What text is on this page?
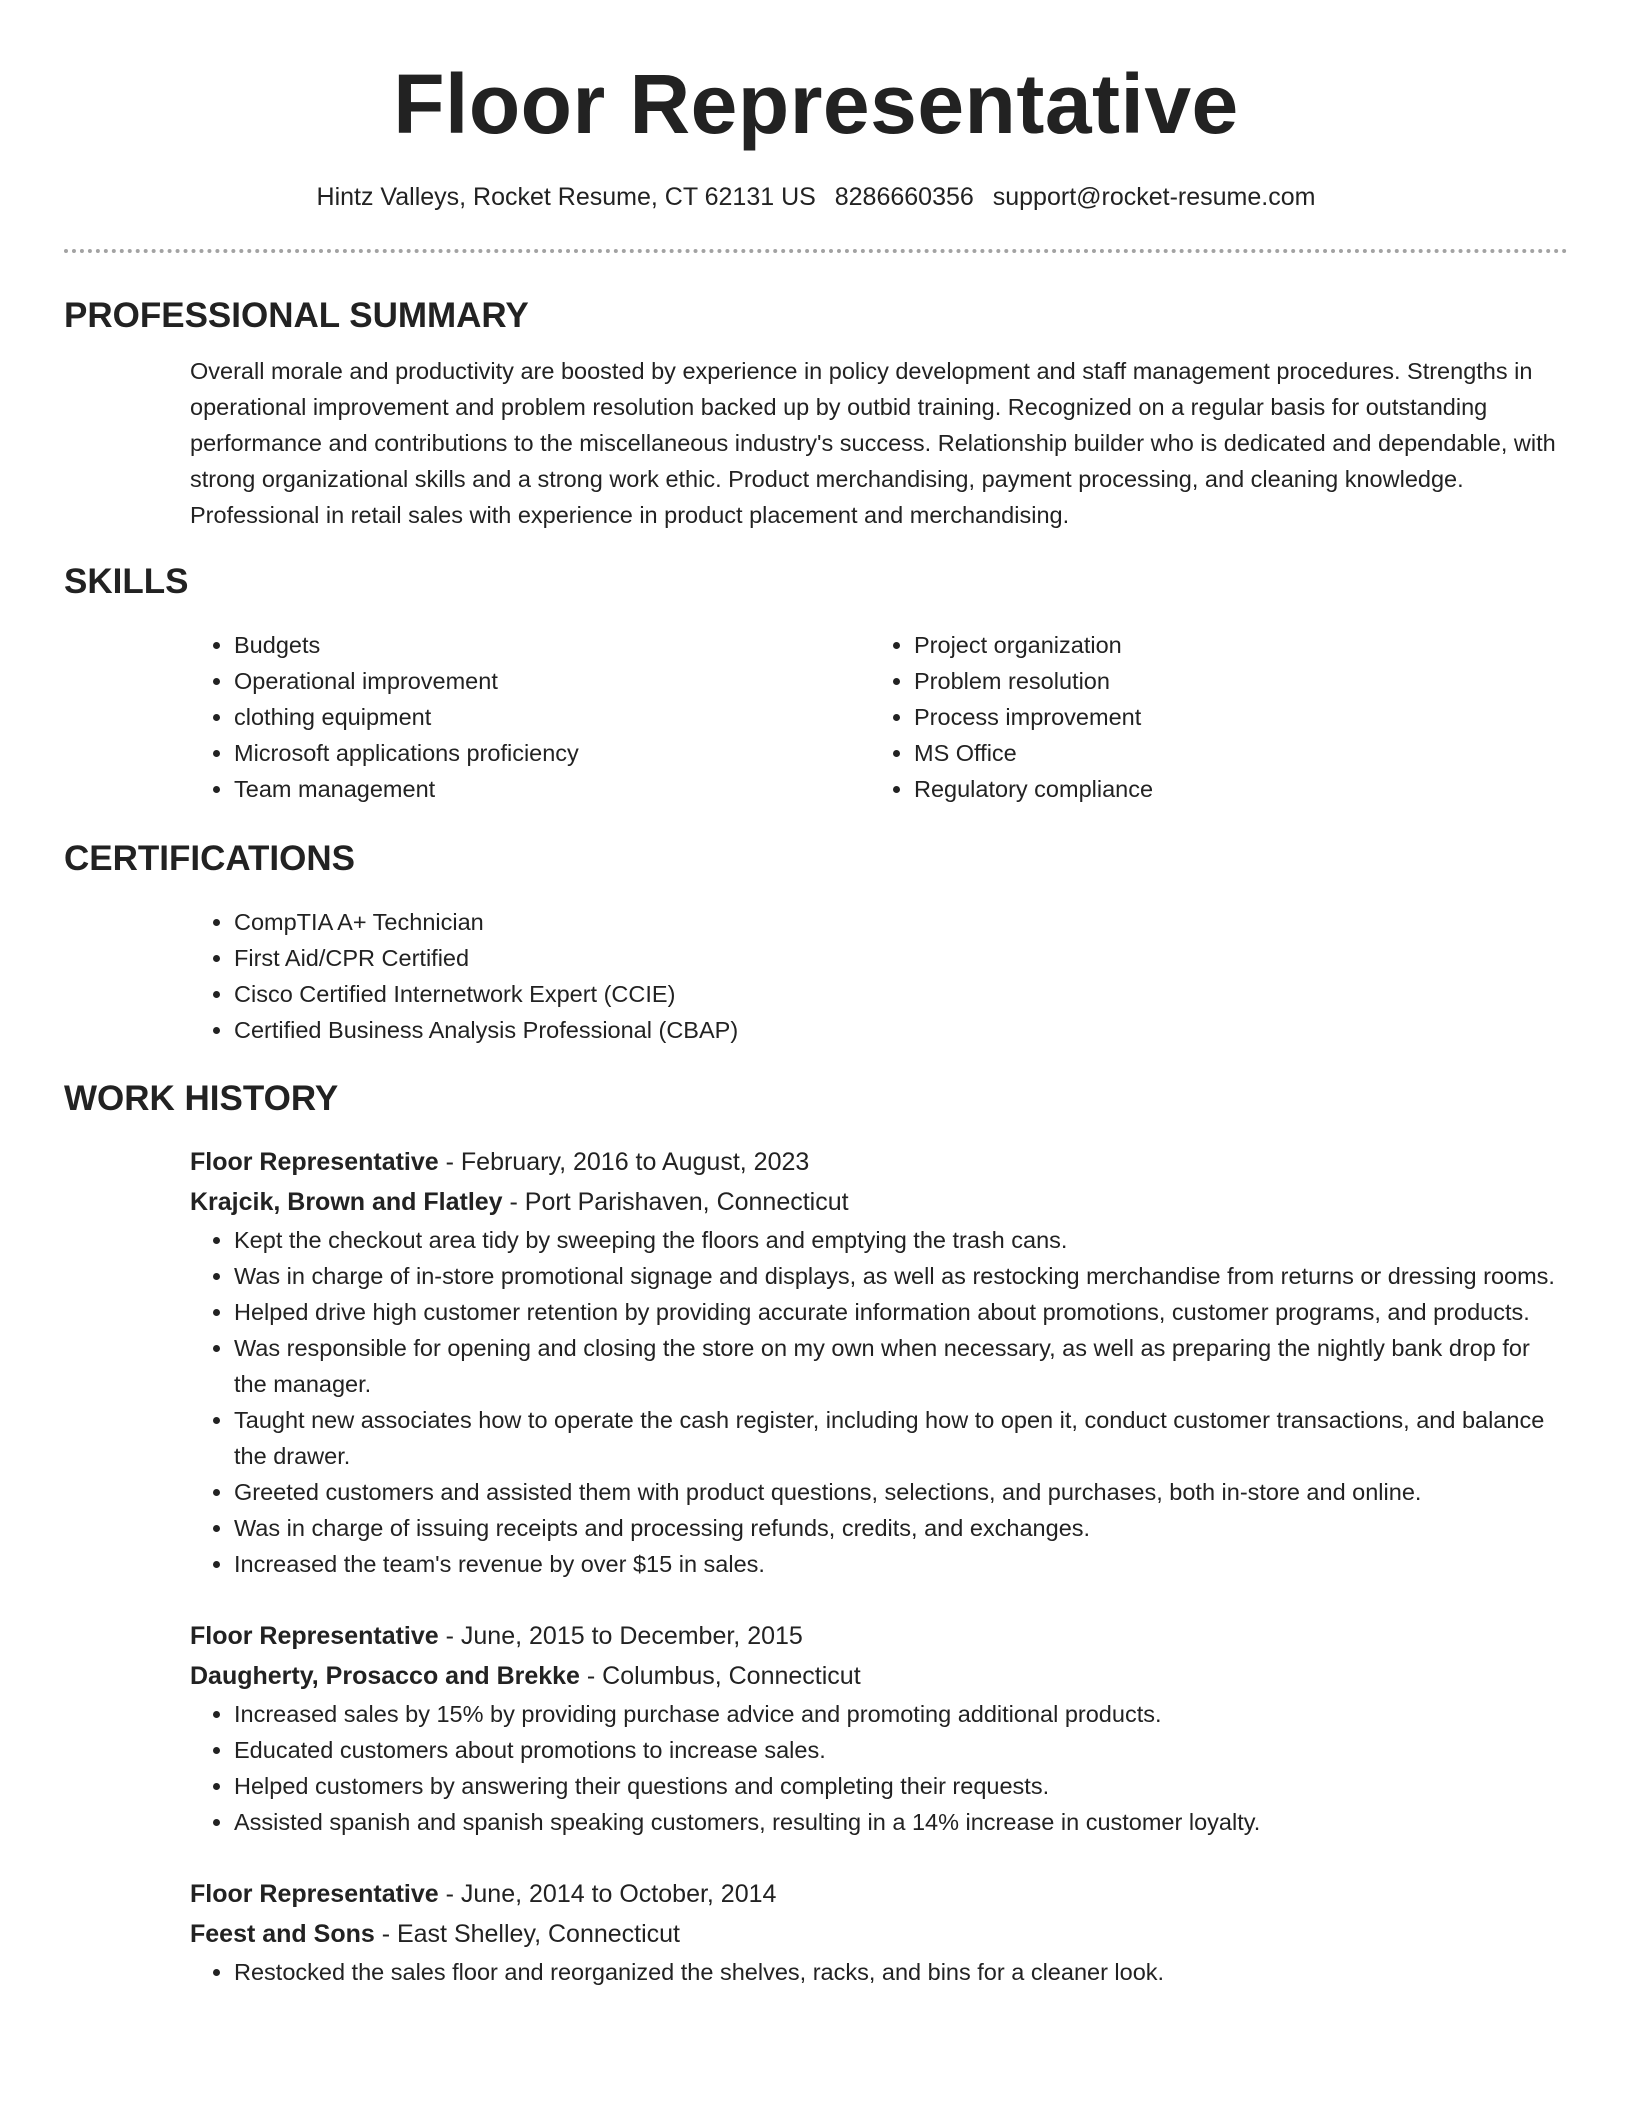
Floor Representative
Hintz Valleys, Rocket Resume, CT 62131 US 8286660356 support@rocket-resume.com
PROFESSIONAL SUMMARY
Overall morale and productivity are boosted by experience in policy development and staff management procedures. Strengths in operational improvement and problem resolution backed up by outbid training. Recognized on a regular basis for outstanding performance and contributions to the miscellaneous industry's success. Relationship builder who is dedicated and dependable, with strong organizational skills and a strong work ethic. Product merchandising, payment processing, and cleaning knowledge. Professional in retail sales with experience in product placement and merchandising.
SKILLS
• Budgets
• Operational improvement
• clothing equipment
• Microsoft applications proficiency
• Team management
• Project organization
• Problem resolution
• Process improvement
• MS Office
• Regulatory compliance
CERTIFICATIONS
• CompTIA A+ Technician
• First Aid/CPR Certified
• Cisco Certified Internetwork Expert (CCIE)
• Certified Business Analysis Professional (CBAP)
WORK HISTORY
Floor Representative - February, 2016 to August, 2023
Krajcik, Brown and Flatley - Port Parishaven, Connecticut
• Kept the checkout area tidy by sweeping the floors and emptying the trash cans.
• Was in charge of in-store promotional signage and displays, as well as restocking merchandise from returns or dressing rooms.
• Helped drive high customer retention by providing accurate information about promotions, customer programs, and products.
• Was responsible for opening and closing the store on my own when necessary, as well as preparing the nightly bank drop for the manager.
• Taught new associates how to operate the cash register, including how to open it, conduct customer transactions, and balance the drawer.
• Greeted customers and assisted them with product questions, selections, and purchases, both in-store and online.
• Was in charge of issuing receipts and processing refunds, credits, and exchanges.
• Increased the team's revenue by over $15 in sales.
Floor Representative - June, 2015 to December, 2015
Daugherty, Prosacco and Brekke - Columbus, Connecticut
• Increased sales by 15% by providing purchase advice and promoting additional products.
• Educated customers about promotions to increase sales.
• Helped customers by answering their questions and completing their requests.
• Assisted spanish and spanish speaking customers, resulting in a 14% increase in customer loyalty.
Floor Representative - June, 2014 to October, 2014
Feest and Sons - East Shelley, Connecticut
• Restocked the sales floor and reorganized the shelves, racks, and bins for a cleaner look.
